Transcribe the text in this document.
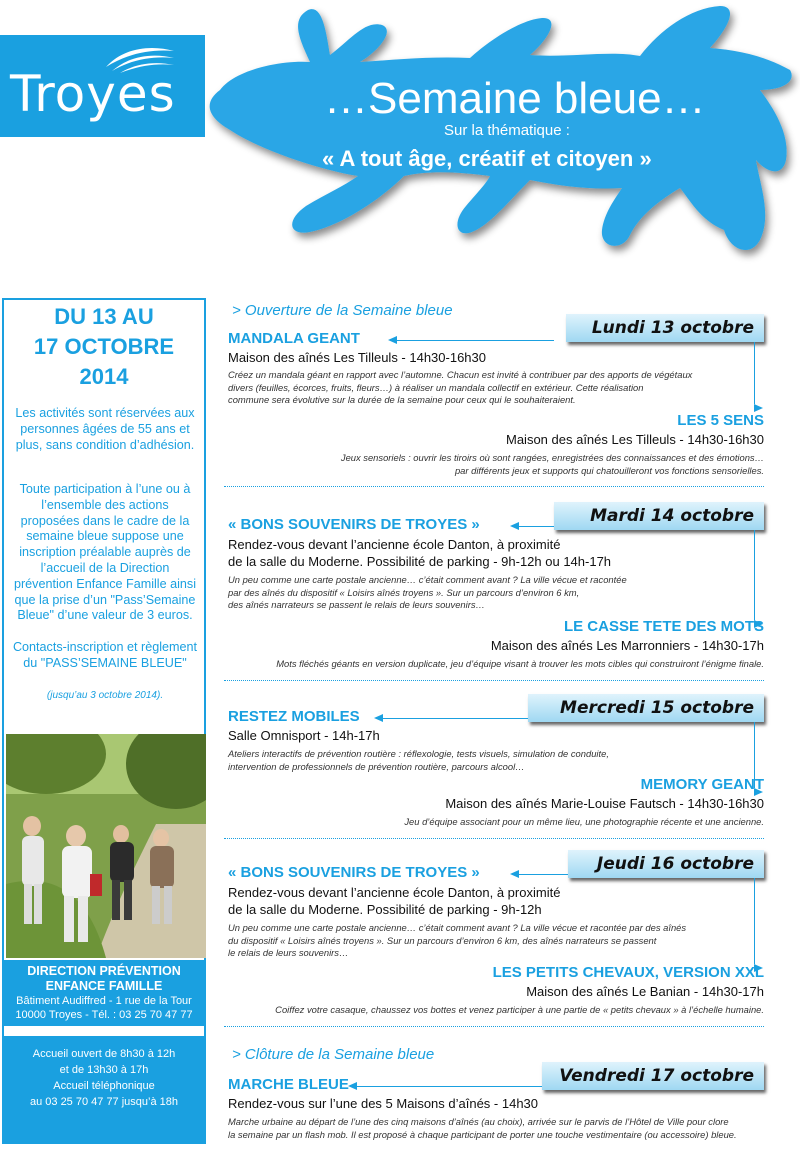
Troyes	…Semaine bleue…
Sur la thématique :
« A tout âge, créatif et citoyen »
DU 13 AU
17 OCTOBRE
2014
Les activités sont réservées aux personnes âgées de 55 ans et plus, sans condition d’adhésion.
Toute participation à l’une ou à l’ensemble des actions proposées dans le cadre de la semaine bleue suppose une inscription préalable auprès de l’accueil de la Direction prévention Enfance Famille ainsi que la prise d’un "Pass’Semaine Bleue" d’une valeur de 3 euros.
Contacts-inscription et règlement du "PASS’SEMAINE BLEUE"
(jusqu’au 3 octobre 2014).
DIRECTION PRÉVENTION
ENFANCE FAMILLE
Bâtiment Audiffred - 1 rue de la Tour
10000 Troyes - Tél. : 03 25 70 47 77
Accueil ouvert de 8h30 à 12h
et de 13h30 à 17h
Accueil téléphonique
au 03 25 70 47 77 jusqu’à 18h
> Ouverture de la Semaine bleue
Lundi 13 octobre
MANDALA GEANT
Maison des aînés Les Tilleuls - 14h30-16h30
Créez un mandala géant en rapport avec l’automne. Chacun est invité à contribuer par des apports de végétaux
divers (feuilles, écorces, fruits, fleurs…) à réaliser un mandala collectif en extérieur. Cette réalisation
commune sera évolutive sur la durée de la semaine pour ceux qui le souhaiteraient.
LES 5 SENS
Maison des aînés Les Tilleuls - 14h30-16h30
Jeux sensoriels : ouvrir les tiroirs où sont rangées, enregistrées des connaissances et des émotions…
par différents jeux et supports qui chatouilleront vos fonctions sensorielles.
Mardi 14 octobre
« BONS SOUVENIRS DE TROYES »
Rendez-vous devant l’ancienne école Danton, à proximité
de la salle du Moderne. Possibilité de parking - 9h-12h ou 14h-17h
Un peu comme une carte postale ancienne… c’était comment avant ? La ville vécue et racontée
par des aînés du dispositif « Loisirs aînés troyens ». Sur un parcours d’environ 6 km,
des aînés narrateurs se passent le relais de leurs souvenirs…
LE CASSE TETE DES MOTS
Maison des aînés Les Marronniers - 14h30-17h
Mots fléchés géants en version duplicate, jeu d’équipe visant à trouver les mots cibles qui construiront l’énigme finale.
Mercredi 15 octobre
RESTEZ MOBILES
Salle Omnisport - 14h-17h
Ateliers interactifs de prévention routière : réflexologie, tests visuels, simulation de conduite,
intervention de professionnels de prévention routière, parcours alcool…
MEMORY GEANT
Maison des aînés Marie-Louise Fautsch - 14h30-16h30
Jeu d’équipe associant pour un même lieu, une photographie récente et une ancienne.
Jeudi 16 octobre
« BONS SOUVENIRS DE TROYES »
Rendez-vous devant l’ancienne école Danton, à proximité
de la salle du Moderne. Possibilité de parking - 9h-12h
Un peu comme une carte postale ancienne… c’était comment avant ? La ville vécue et racontée par des aînés
du dispositif « Loisirs aînés troyens ». Sur un parcours d’environ 6 km, des aînés narrateurs se passent
le relais de leurs souvenirs…
LES PETITS CHEVAUX, VERSION XXL
Maison des aînés Le Banian - 14h30-17h
Coiffez votre casaque, chaussez vos bottes et venez participer à une partie de « petits chevaux » à l’échelle humaine.
> Clôture de la Semaine bleue
Vendredi 17 octobre
MARCHE BLEUE
Rendez-vous sur l’une des 5 Maisons d’aînés - 14h30
Marche urbaine au départ de l’une des cinq maisons d’aînés (au choix), arrivée sur le parvis de l’Hôtel de Ville pour clore
la semaine par un flash mob. Il est proposé à chaque participant de porter une touche vestimentaire (ou accessoire) bleue.
